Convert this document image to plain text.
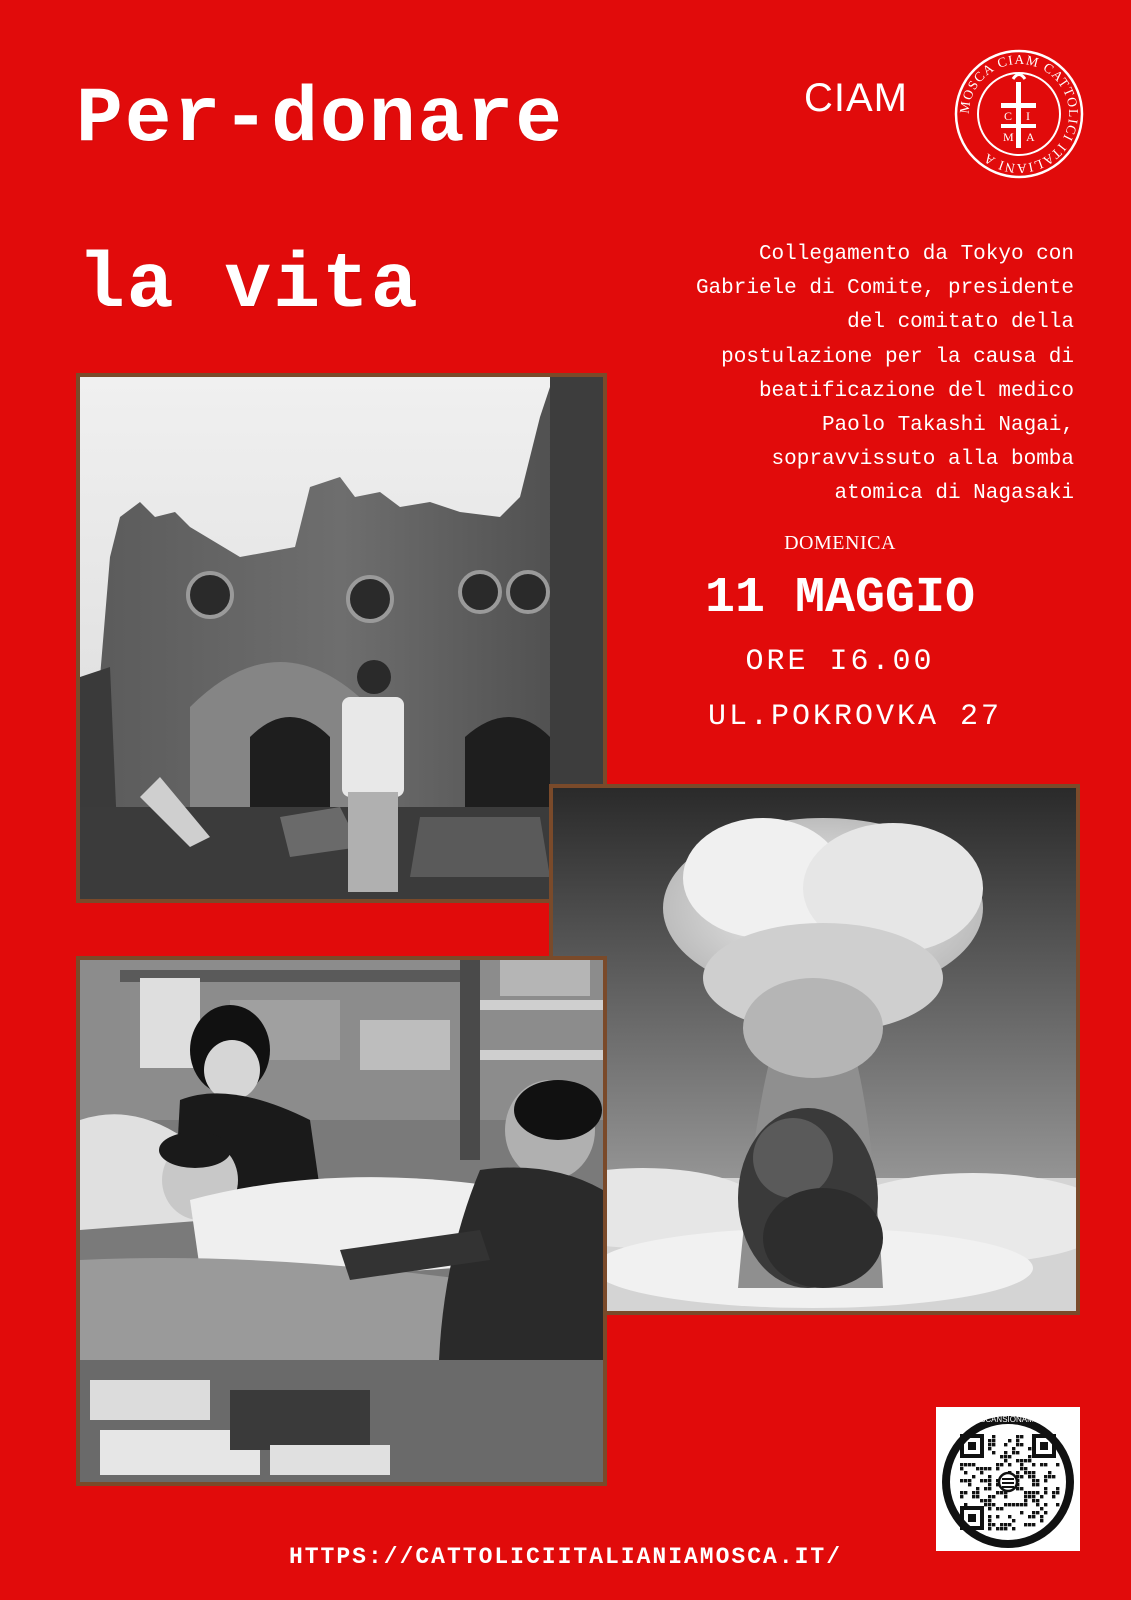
Per-donare
la vita
CIAM	MOSCA CIAM CATTOLICI ITALIANI A
C I
M A
Collegamento da Tokyo con
Gabriele di Comite, presidente
del comitato della
postulazione per la causa di
beatificazione del medico
Paolo Takashi Nagai,
sopravvissuto alla bomba
atomica di Nagasaki
DOMENICA
11 MAGGIO
ORE I6.00
UL.POKROVKA 27
SCANSIONAMI
HTTPS://CATTOLICIITALIANIAMOSCA.IT/
